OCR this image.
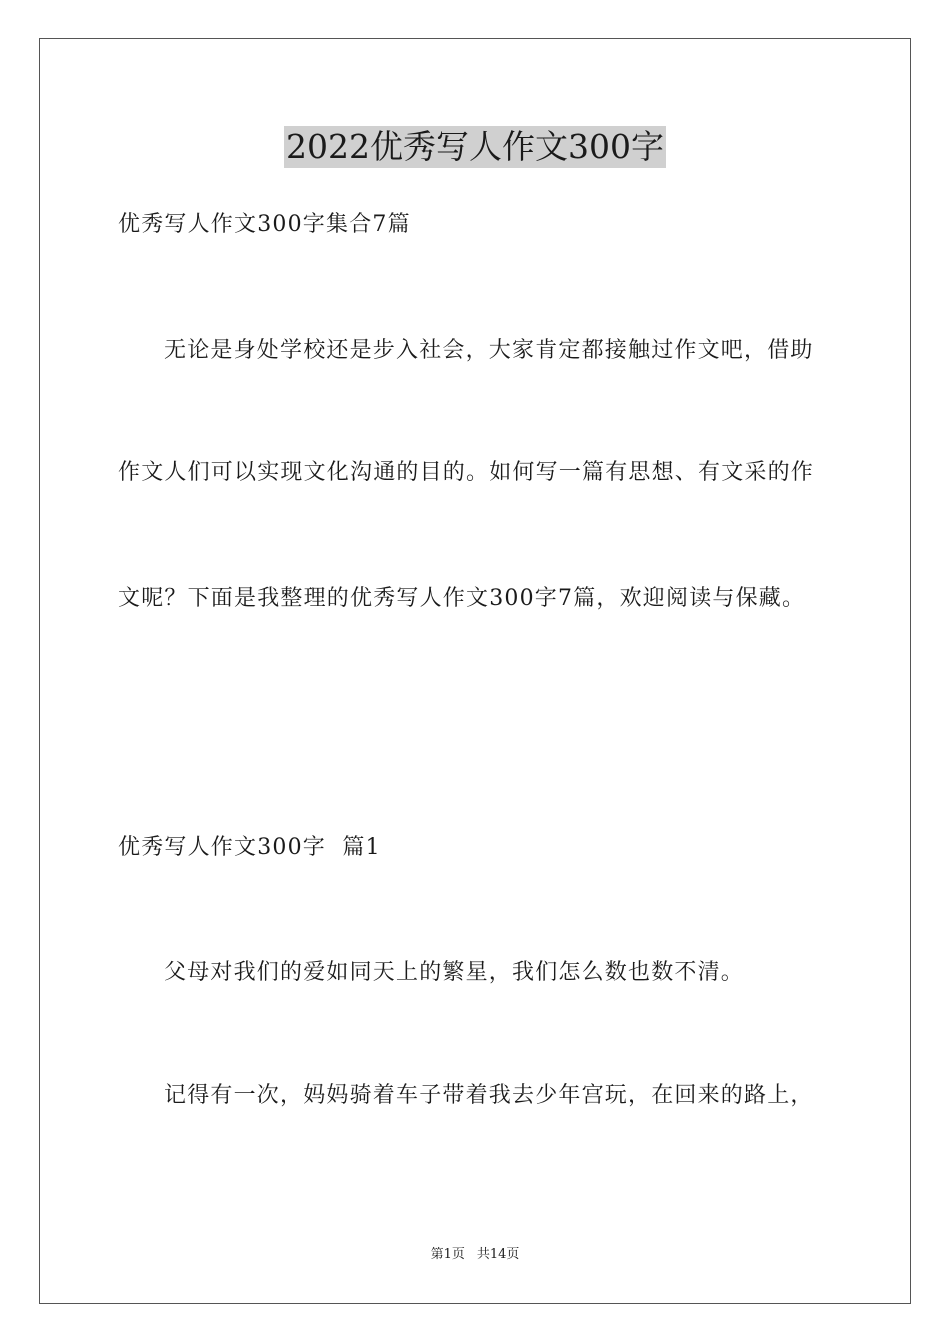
2022优秀写人作文300字
优秀写人作文300字集合7篇
无论是身处学校还是步入社会，大家肯定都接触过作文吧，借助
作文人们可以实现文化沟通的目的。如何写一篇有思想、有文采的作
文呢？下面是我整理的优秀写人作文300字7篇，欢迎阅读与保藏。
优秀写人作文300字  篇1
父母对我们的爱如同天上的繁星，我们怎么数也数不清。
记得有一次，妈妈骑着车子带着我去少年宫玩，在回来的路上，
第1页 共14页
